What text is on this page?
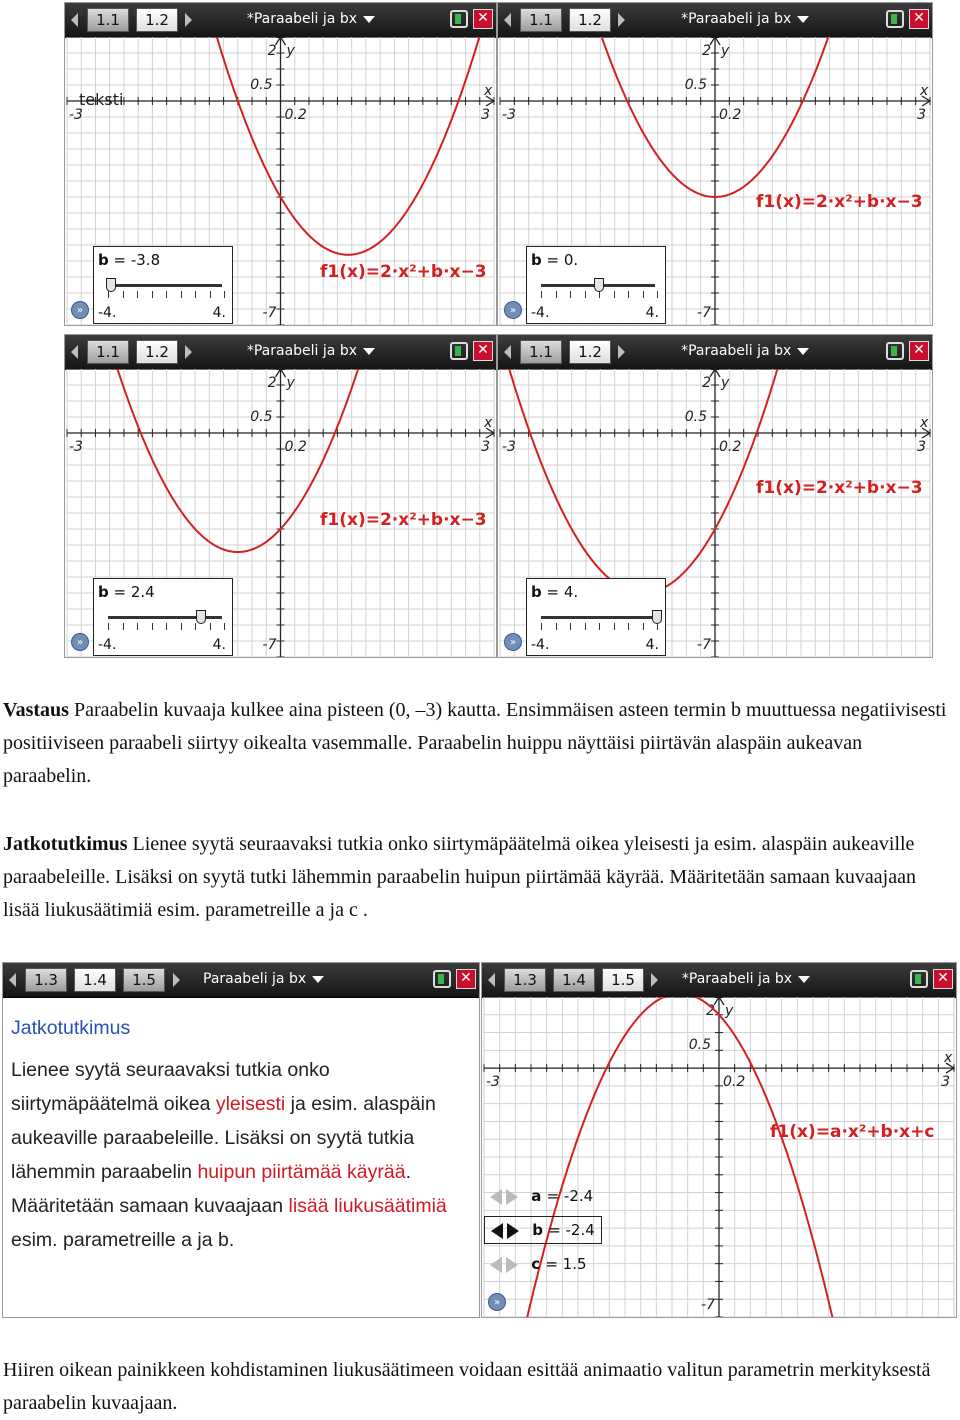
1.1	1.2	*Paraabeli ja bx	✕
2 y
0.5	x
-3	0.2	3
-7
f1(x)=2·x²+b·x−3
teksti
b = -3.8
-4.	4.
»
1.1	1.2	*Paraabeli ja bx	✕
2 y
0.5	x
-3	0.2	3
-7
f1(x)=2·x²+b·x−3
b = 0.
-4.	4.
»
1.1	1.2	*Paraabeli ja bx	✕
2 y
0.5	x
-3	0.2	3
-7
f1(x)=2·x²+b·x−3
b = 2.4
-4.	4.
»
1.1	1.2	*Paraabeli ja bx	✕
2 y
0.5	x
-3	0.2	3
-7
f1(x)=2·x²+b·x−3
b = 4.
-4.	4.
»

Vastaus Paraabelin kuvaaja kulkee aina pisteen (0, –3) kautta. Ensimmäisen asteen termin b muuttuessa negatiivisesti positiiviseen paraabeli siirtyy oikealta vasemmalle. Paraabelin huippu näyttäisi piirtävän alaspäin aukeavan paraabelin.

Jatkotutkimus Lienee syytä seuraavaksi tutkia onko siirtymäpäätelmä oikea yleisesti ja esim. alaspäin aukeaville paraabeleille. Lisäksi on syytä tutki lähemmin paraabelin huipun piirtämää käyrää. Määritetään samaan kuvaajaan lisää liukusäätimiä esim. parametreille a ja c .

1.3	1.4	1.5	Paraabeli ja bx	✕
Jatkotutkimus
Lienee syytä seuraavaksi tutkia onko siirtymäpäätelmä oikea yleisesti ja esim. alaspäin aukeaville paraabeleille. Lisäksi on syytä tutkia lähemmin paraabelin huipun piirtämää käyrää. Määritetään samaan kuvaajaan lisää liukusäätimiä esim. parametreille a ja b.
1.3	1.4	1.5	*Paraabeli ja bx	✕
2 y
0.5
x
-3	0.2	3
-7
f1(x)=a·x²+b·x+c
a = -2.4
b = -2.4
c = 1.5
»

Hiiren oikean painikkeen kohdistaminen liukusäätimeen voidaan esittää animaatio valitun parametrin merkityksestä paraabelin kuvaajaan.
